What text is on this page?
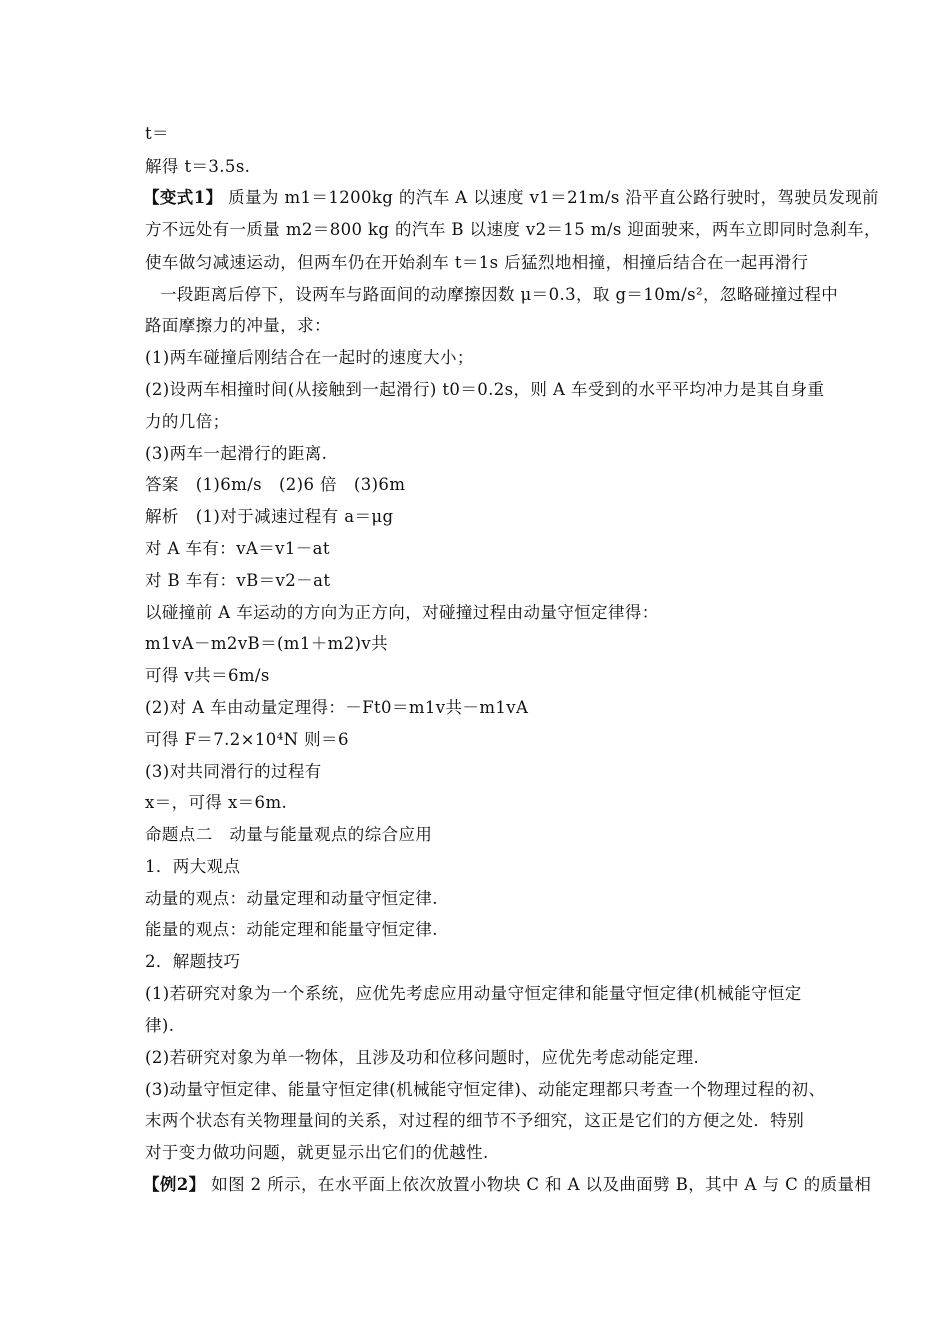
t＝
解得 t＝3.5s.
【变式1】 质量为 m1＝1200kg 的汽车 A 以速度 v1＝21m/s 沿平直公路行驶时，驾驶员发现前
方不远处有一质量 m2＝800 kg 的汽车 B 以速度 v2＝15 m/s 迎面驶来，两车立即同时急刹车，
使车做匀减速运动，但两车仍在开始刹车 t＝1s 后猛烈地相撞，相撞后结合在一起再滑行
一段距离后停下，设两车与路面间的动摩擦因数 μ＝0.3，取 g＝10m/s²，忽略碰撞过程中
路面摩擦力的冲量，求：
(1)两车碰撞后刚结合在一起时的速度大小；
(2)设两车相撞时间(从接触到一起滑行) t0＝0.2s，则 A 车受到的水平平均冲力是其自身重
力的几倍；
(3)两车一起滑行的距离.
答案　(1)6m/s　(2)6 倍　(3)6m
解析　(1)对于减速过程有 a＝μg
对 A 车有：vA＝v1－at
对 B 车有：vB＝v2－at
以碰撞前 A 车运动的方向为正方向，对碰撞过程由动量守恒定律得：
m1vA－m2vB＝(m1＋m2)v共
可得 v共＝6m/s
(2)对 A 车由动量定理得：－Ft0＝m1v共－m1vA
可得 F＝7.2×10⁴N 则＝6
(3)对共同滑行的过程有
x＝，可得 x＝6m.
命题点二　动量与能量观点的综合应用
1．两大观点
动量的观点：动量定理和动量守恒定律.
能量的观点：动能定理和能量守恒定律.
2．解题技巧
(1)若研究对象为一个系统，应优先考虑应用动量守恒定律和能量守恒定律(机械能守恒定
律).
(2)若研究对象为单一物体，且涉及功和位移问题时，应优先考虑动能定理.
(3)动量守恒定律、能量守恒定律(机械能守恒定律)、动能定理都只考查一个物理过程的初、
末两个状态有关物理量间的关系，对过程的细节不予细究，这正是它们的方便之处．特别
对于变力做功问题，就更显示出它们的优越性.
【例2】 如图 2 所示，在水平面上依次放置小物块 C 和 A 以及曲面劈 B，其中 A 与 C 的质量相
